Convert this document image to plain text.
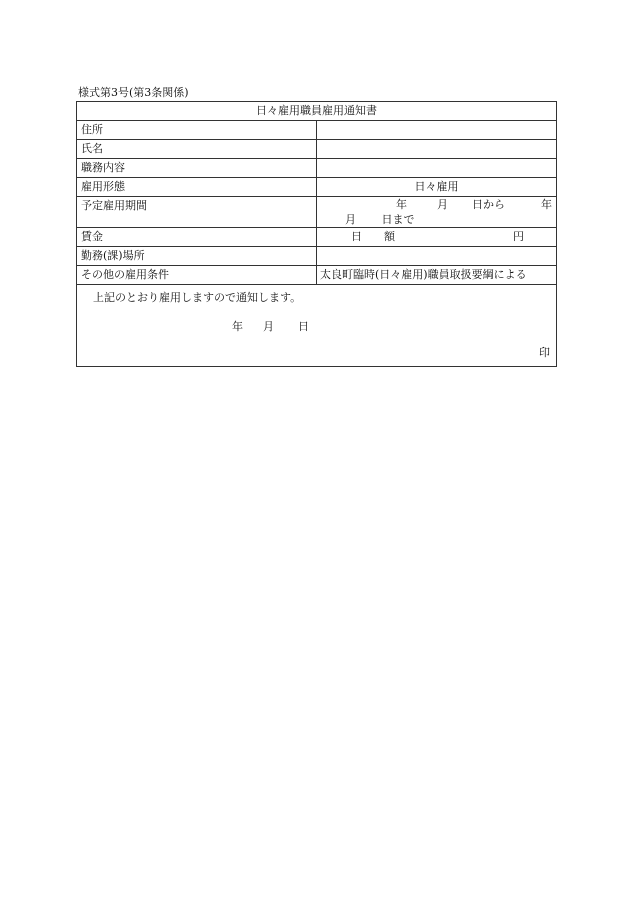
様式第3号(第3条関係)
日々雇用職員雇用通知書	
住所	
氏名	
職務内容	
雇用形態	日々雇用
予定雇用期間	年 月 日から 年
月 日まで

賃金	日 額 円

勤務(課)場所	
その他の雇用条件	太良町臨時(日々雇用)職員取扱要綱による

上記のとおり雇用しますので通知します。
年 月 日
印	
